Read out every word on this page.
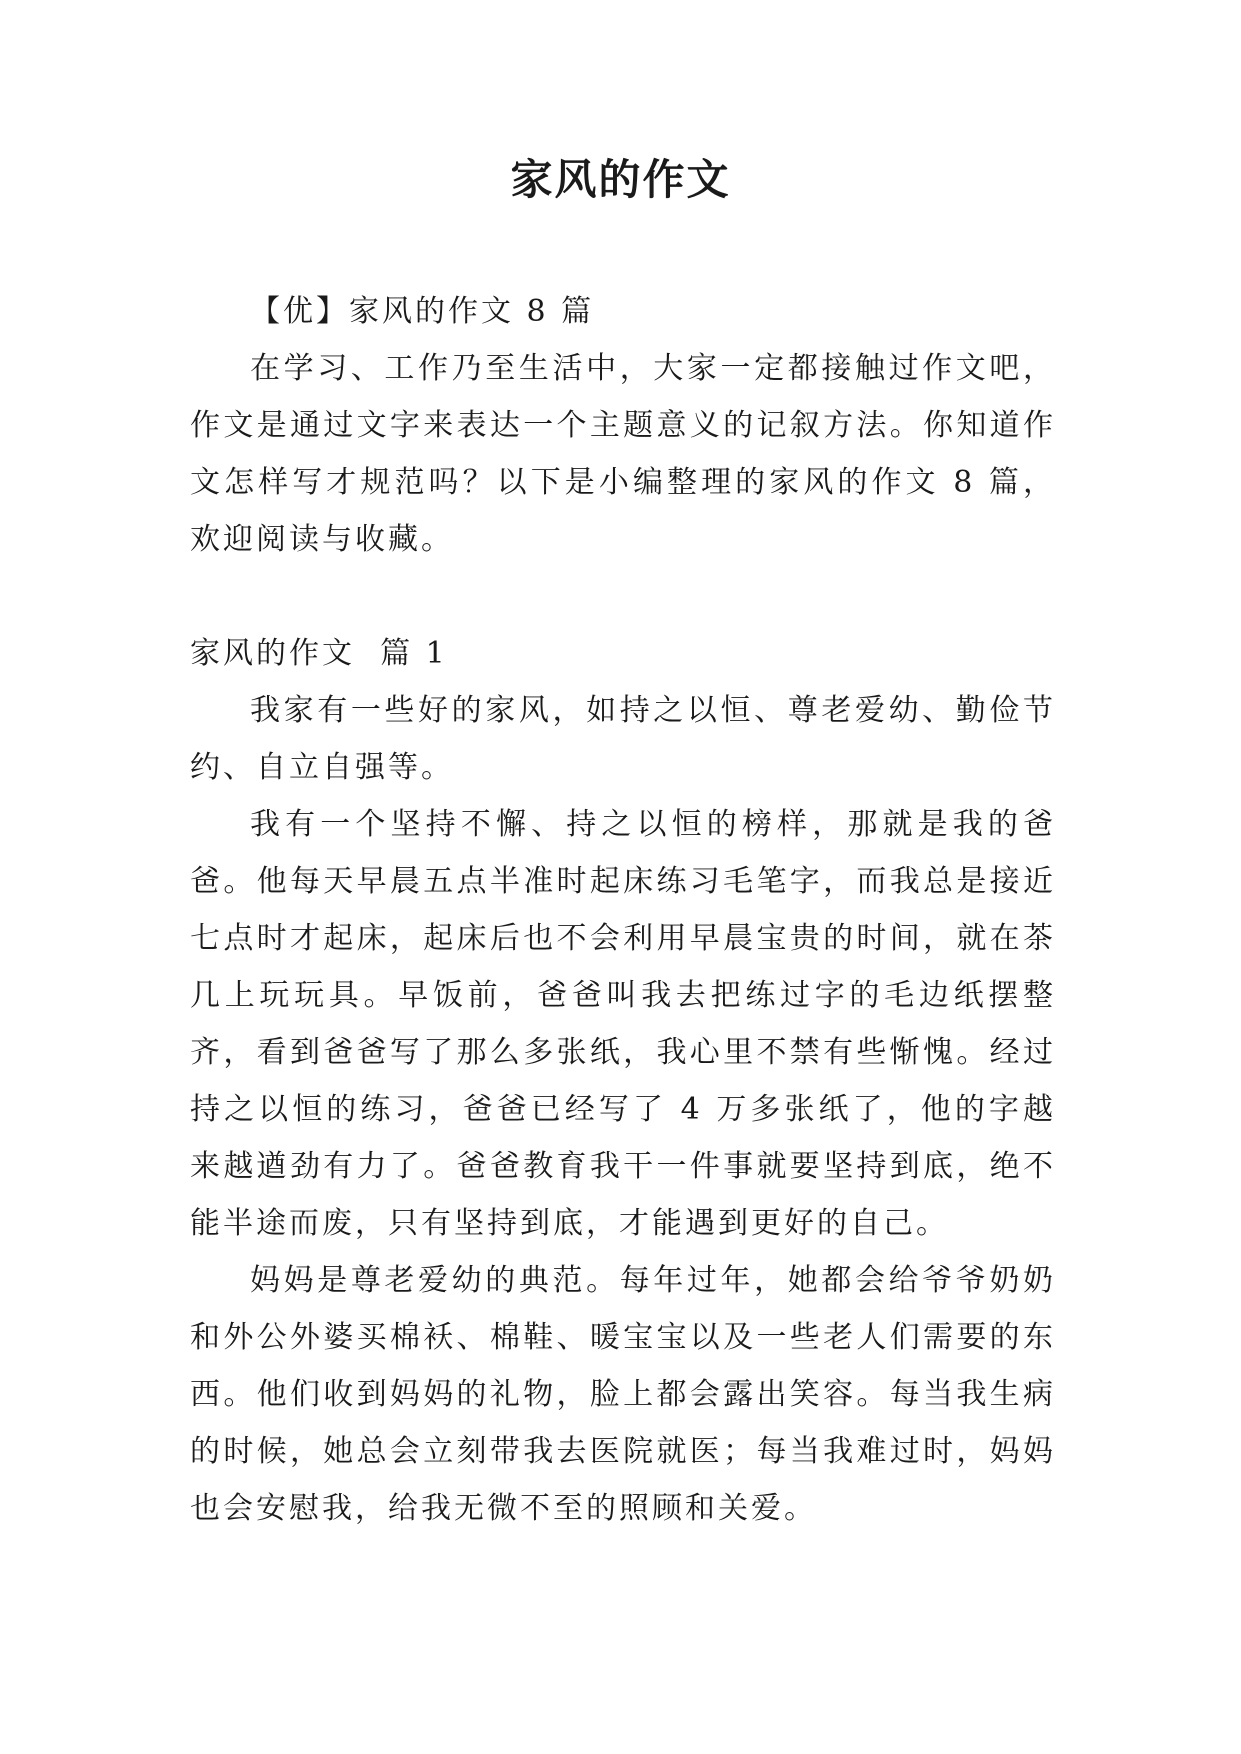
家风的作文

【优】家风的作文 8 篇

在学习、工作乃至生活中，大家一定都接触过作文吧，作文是通过文字来表达一个主题意义的记叙方法。你知道作文怎样写才规范吗？以下是小编整理的家风的作文 8 篇，欢迎阅读与收藏。

家风的作文  篇 1

我家有一些好的家风，如持之以恒、尊老爱幼、勤俭节约、自立自强等。

我有一个坚持不懈、持之以恒的榜样，那就是我的爸爸。他每天早晨五点半准时起床练习毛笔字，而我总是接近七点时才起床，起床后也不会利用早晨宝贵的时间，就在茶几上玩玩具。早饭前，爸爸叫我去把练过字的毛边纸摆整齐，看到爸爸写了那么多张纸，我心里不禁有些惭愧。经过持之以恒的练习，爸爸已经写了 4 万多张纸了，他的字越来越遒劲有力了。爸爸教育我干一件事就要坚持到底，绝不能半途而废，只有坚持到底，才能遇到更好的自己。

妈妈是尊老爱幼的典范。每年过年，她都会给爷爷奶奶和外公外婆买棉袄、棉鞋、暖宝宝以及一些老人们需要的东西。他们收到妈妈的礼物，脸上都会露出笑容。每当我生病的时候，她总会立刻带我去医院就医；每当我难过时，妈妈也会安慰我，给我无微不至的照顾和关爱。
